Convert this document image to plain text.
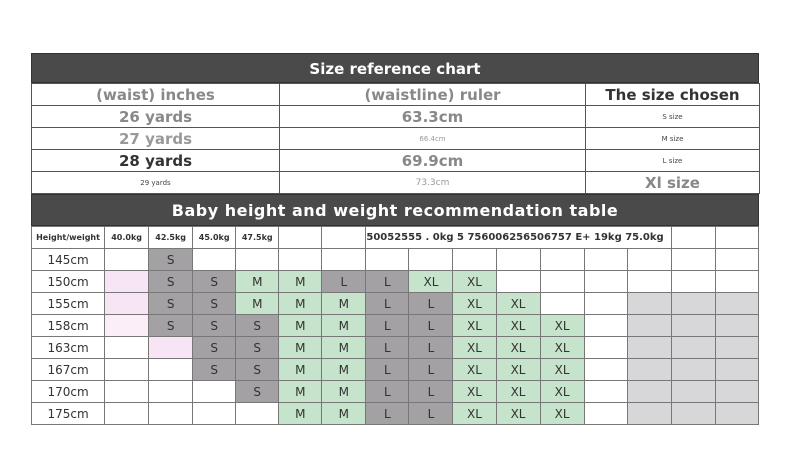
Size reference chart
(waist) inches	(waistline) ruler	The size chosen
26 yards	63.3cm	S size
27 yards	66.4cm	M size
28 yards	69.9cm	L size
29 yards	73.3cm	Xl size
Baby height and weight recommendation table
Height/weight	40.0kg	42.5kg	45.0kg	47.5kg			50052555 . 0kg 5 756006256506757 E+ 19kg 75.0kg								
145cm		S													
150cm		S	S	M	M	L	L	XL	XL						
155cm		S	S	M	M	M	L	L	XL	XL					
158cm		S	S	S	M	M	L	L	XL	XL	XL				
163cm			S	S	M	M	L	L	XL	XL	XL				
167cm			S	S	M	M	L	L	XL	XL	XL				
170cm				S	M	M	L	L	XL	XL	XL				
175cm					M	M	L	L	XL	XL	XL				
